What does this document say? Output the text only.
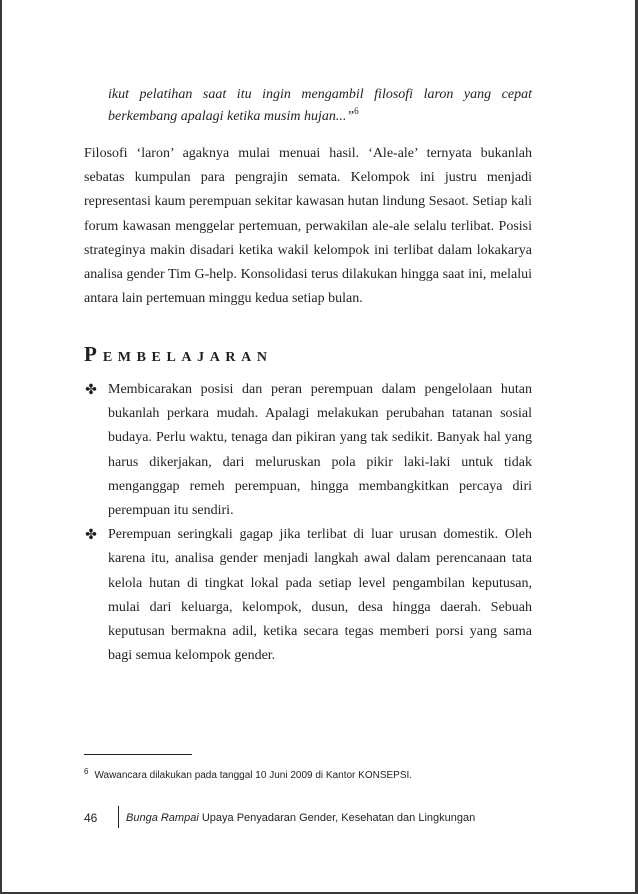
ikut pelatihan saat itu ingin mengambil filosofi laron yang cepat
berkembang apalagi ketika musim hujan...”$^6$

Filosofi ‘laron’ agaknya mulai menuai hasil. ‘Ale-ale’ ternyata bukanlah sebatas kumpulan para pengrajin semata. Kelompok ini justru menjadi representasi kaum perempuan sekitar kawasan hutan lindung Sesaot. Setiap kali forum kawasan menggelar pertemuan, perwakilan ale-ale selalu terlibat. Posisi strateginya makin disadari ketika wakil kelompok ini terlibat dalam lokakarya analisa gender Tim G-help. Konsolidasi terus dilakukan hingga saat ini, melalui antara lain pertemuan minggu kedua setiap bulan.

PEMBELAJARAN
✤ Membicarakan posisi dan peran perempuan dalam pengelolaan hutan bukanlah perkara mudah. Apalagi melakukan perubahan tatanan sosial budaya. Perlu waktu, tenaga dan pikiran yang tak sedikit. Banyak hal yang harus dikerjakan, dari meluruskan pola pikir laki-laki untuk tidak menganggap remeh perempuan, hingga membangkitkan percaya diri perempuan itu sendiri.
✤ Perempuan seringkali gagap jika terlibat di luar urusan domestik. Oleh karena itu, analisa gender menjadi langkah awal dalam perencanaan tata kelola hutan di tingkat lokal pada setiap level pengambilan keputusan, mulai dari keluarga, kelompok, dusun, desa hingga daerah. Sebuah keputusan bermakna adil, ketika secara tegas memberi porsi yang sama bagi semua kelompok gender.
$^6$ Wawancara dilakukan pada tanggal 10 Juni 2009 di Kantor KONSEPSI.
46	Bunga Rampai Upaya Penyadaran Gender, Kesehatan dan Lingkungan
